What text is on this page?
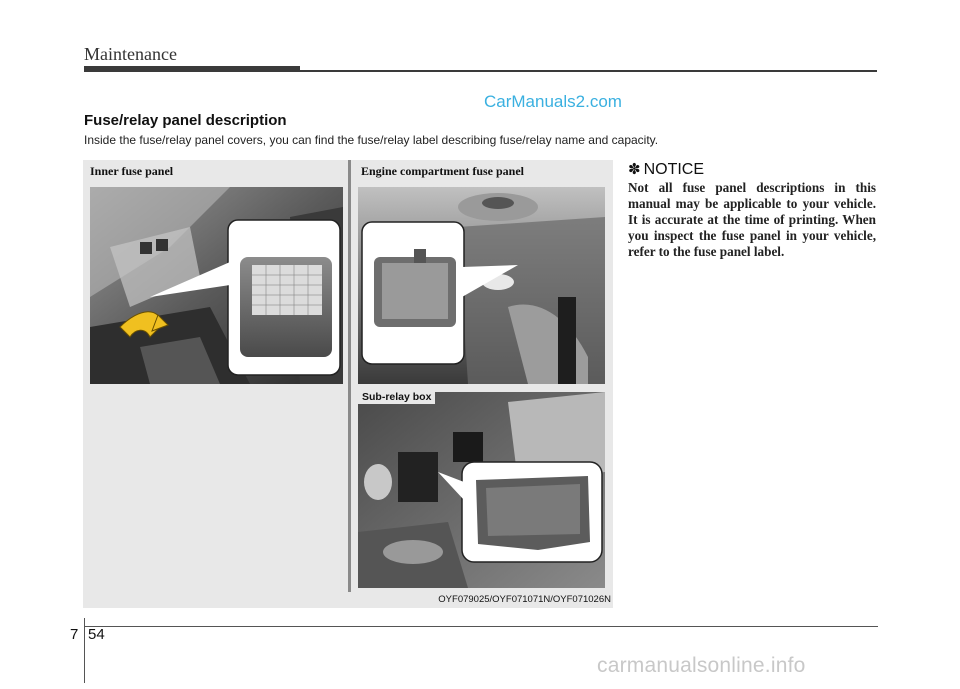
Maintenance
CarManuals2.com
Fuse/relay panel description
Inside the fuse/relay panel covers, you can find the fuse/relay label describing fuse/relay name and capacity.
Inner fuse panel	Engine compartment fuse panel
Sub-relay box
OYF079025/OYF071071N/OYF071026N
✽ NOTICE
Not all fuse panel descriptions in this manual may be applicable to your vehicle. It is accurate at the time of printing. When you inspect the fuse panel in your vehicle, refer to the fuse panel label.
7 54
carmanualsonline.info
